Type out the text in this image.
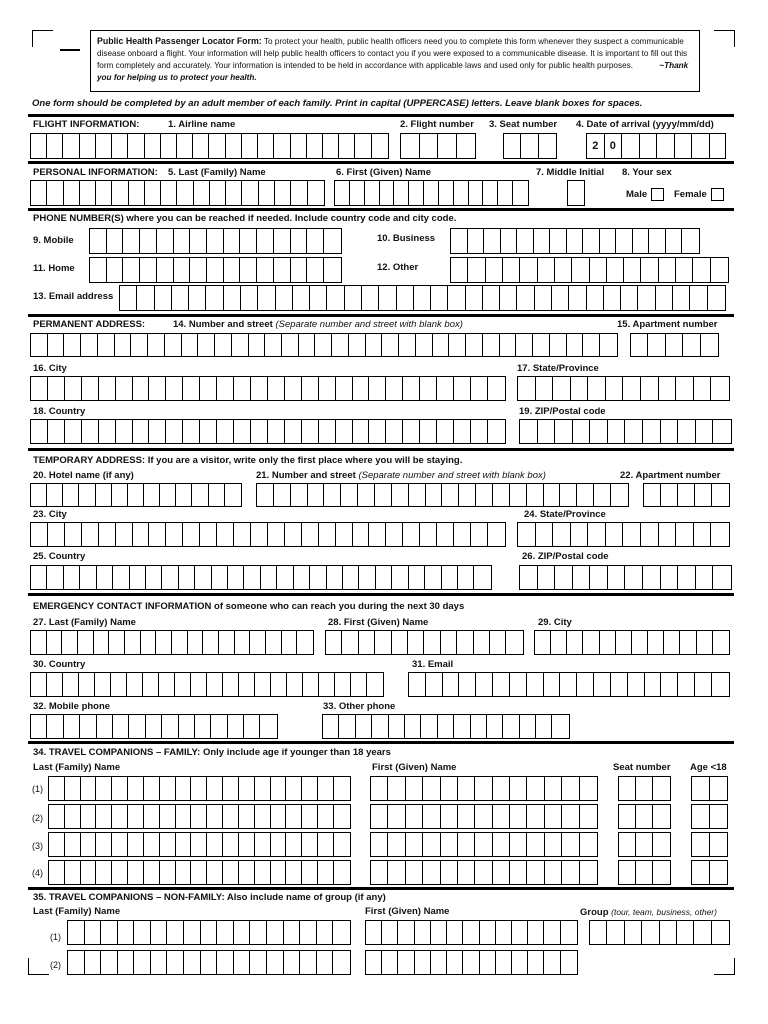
Public Health Passenger Locator Form: To protect your health, public health officers need you to complete this form whenever they suspect a communicable disease onboard a flight. Your information will help public health officers to contact you if you were exposed to a communicable disease. It is important to fill out this form completely and accurately. Your information is intended to be held in accordance with applicable laws and used only for public health purposes.	~Thank you for helping us to protect your health.
One form should be completed by an adult member of each family. Print in capital (UPPERCASE) letters. Leave blank boxes for spaces.
FLIGHT INFORMATION:	1. Airline name	2. Flight number 3. Seat number 4. Date of arrival (yyyy/mm/dd)
2	0
PERSONAL INFORMATION: 5. Last (Family) Name	6. First (Given) Name	7. Middle Initial 8. Your sex
Male	Female
PHONE NUMBER(S) where you can be reached if needed. Include country code and city code.
9. Mobile	10. Business
11. Home	12. Other
13. Email address
PERMANENT ADDRESS:	14. Number and street (Separate number and street with blank box)	15. Apartment number
16. City	17. State/Province
18. Country	19. ZIP/Postal code
TEMPORARY ADDRESS: If you are a visitor, write only the first place where you will be staying.
20. Hotel name (if any)	21. Number and street (Separate number and street with blank box)	22. Apartment number
23. City	24. State/Province
25. Country	26. ZIP/Postal code
EMERGENCY CONTACT INFORMATION of someone who can reach you during the next 30 days
27. Last (Family) Name	28. First (Given) Name	29. City
30. Country	31. Email
32. Mobile phone	33. Other phone
34. TRAVEL COMPANIONS – FAMILY: Only include age if younger than 18 years
Last (Family) Name	First (Given) Name	Seat number Age <18
(1)
(2)
(3)
(4)
35. TRAVEL COMPANIONS – NON-FAMILY: Also include name of group (if any)
Last (Family) Name	First (Given) Name	Group (tour, team, business, other)
(1)
(2)
